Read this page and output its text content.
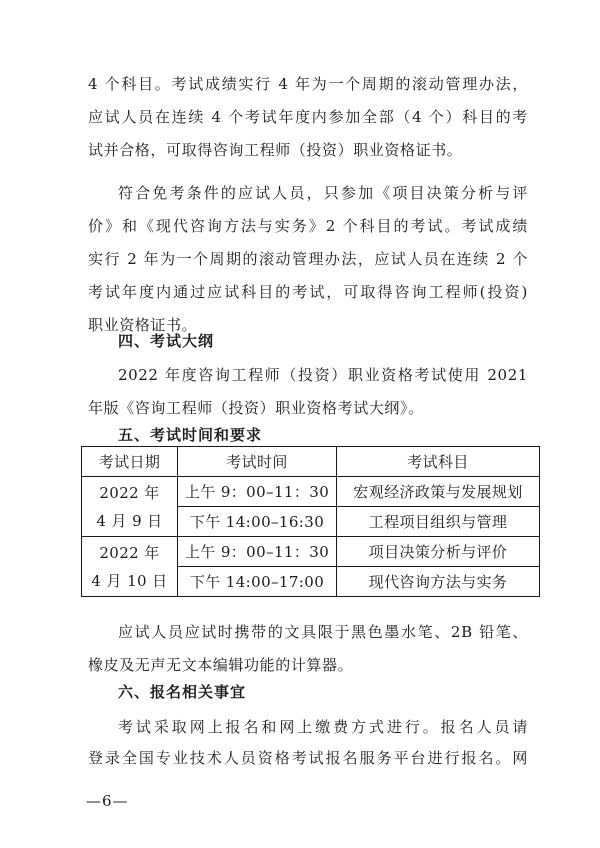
4 个科目。考试成绩实行 4 年为一个周期的滚动管理办法，
应试人员在连续 4 个考试年度内参加全部（4 个）科目的考
试并合格，可取得咨询工程师（投资）职业资格证书。
符合免考条件的应试人员，只参加《项目决策分析与评
价》和《现代咨询方法与实务》2 个科目的考试。考试成绩
实行 2 年为一个周期的滚动管理办法，应试人员在连续 2 个
考试年度内通过应试科目的考试，可取得咨询工程师(投资)
职业资格证书。
四、考试大纲
2022 年度咨询工程师（投资）职业资格考试使用 2021
年版《咨询工程师（投资）职业资格考试大纲》。
五、考试时间和要求
考试日期	考试时间	考试科目

2022 年
4 月 9 日	上午 9：00–11：30	宏观经济政策与发展规划
	下午 14:00–16:30	工程项目组织与管理

2022 年
4 月 10 日	上午 9：00–11：30	项目决策分析与评价
	下午 14:00–17:00	现代咨询方法与实务
应试人员应试时携带的文具限于黑色墨水笔、2B 铅笔、
橡皮及无声无文本编辑功能的计算器。
六、报名相关事宜
考试采取网上报名和网上缴费方式进行。报名人员请
登录全国专业技术人员资格考试报名服务平台进行报名。网
—6—
